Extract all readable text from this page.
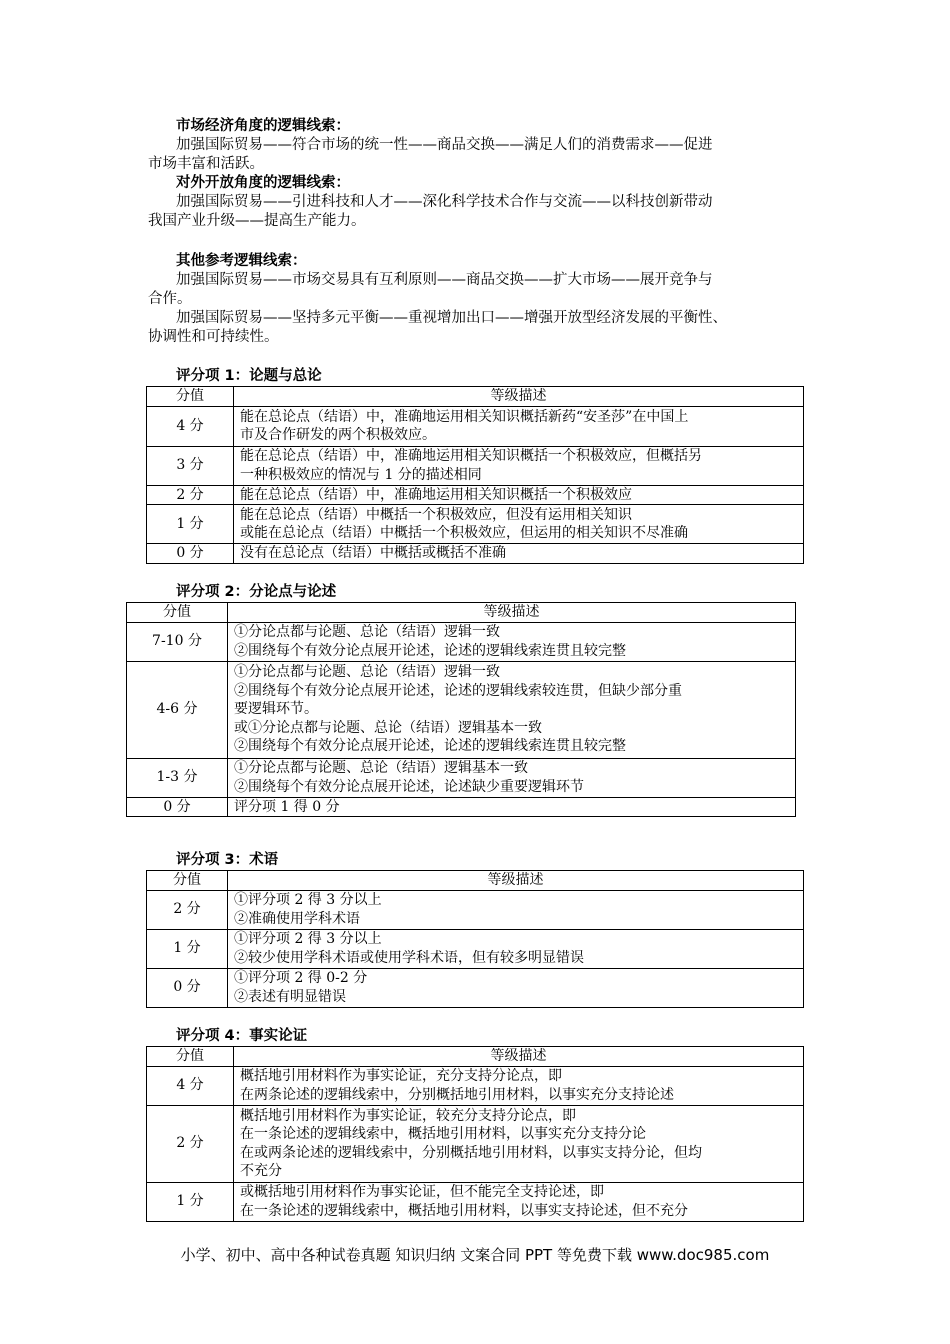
市场经济角度的逻辑线索：
加强国际贸易——符合市场的统一性——商品交换——满足人们的消费需求——促进
市场丰富和活跃。
对外开放角度的逻辑线索：
加强国际贸易——引进科技和人才——深化科学技术合作与交流——以科技创新带动
我国产业升级——提高生产能力。
其他参考逻辑线索：
加强国际贸易——市场交易具有互利原则——商品交换——扩大市场——展开竞争与
合作。
加强国际贸易——坚持多元平衡——重视增加出口——增强开放型经济发展的平衡性、
协调性和可持续性。
评分项 1：论题与总论
分值	等级描述
4 分	能在总论点（结语）中，准确地运用相关知识概括新药“安圣莎”在中国上
市及合作研发的两个积极效应。

3 分	能在总论点（结语）中，准确地运用相关知识概括一个积极效应，但概括另
一种积极效应的情况与 1 分的描述相同

2 分	能在总论点（结语）中，准确地运用相关知识概括一个积极效应

1 分	能在总论点（结语）中概括一个积极效应，但没有运用相关知识
或能在总论点（结语）中概括一个积极效应，但运用的相关知识不尽准确

0 分	没有在总论点（结语）中概括或概括不准确
评分项 2：分论点与论述
分值	等级描述
7-10 分	①分论点都与论题、总论（结语）逻辑一致
②围绕每个有效分论点展开论述，论述的逻辑线索连贯且较完整

4-6 分	①分论点都与论题、总论（结语）逻辑一致
②围绕每个有效分论点展开论述，论述的逻辑线索较连贯，但缺少部分重
要逻辑环节。
或①分论点都与论题、总论（结语）逻辑基本一致
②围绕每个有效分论点展开论述，论述的逻辑线索连贯且较完整

1-3 分	①分论点都与论题、总论（结语）逻辑基本一致
②围绕每个有效分论点展开论述，论述缺少重要逻辑环节

0 分	评分项 1 得 0 分
评分项 3：术语
分值	等级描述
2 分	①评分项 2 得 3 分以上
②准确使用学科术语

1 分	①评分项 2 得 3 分以上
②较少使用学科术语或使用学科术语，但有较多明显错误

0 分	①评分项 2 得 0-2 分
②表述有明显错误
评分项 4：事实论证
分值	等级描述
4 分	概括地引用材料作为事实论证，充分支持分论点，即
在两条论述的逻辑线索中，分别概括地引用材料，以事实充分支持论述

2 分	概括地引用材料作为事实论证，较充分支持分论点，即
在一条论述的逻辑线索中，概括地引用材料，以事实充分支持分论
在或两条论述的逻辑线索中，分别概括地引用材料，以事实支持分论，但均
不充分

1 分	或概括地引用材料作为事实论证，但不能完全支持论述，即
在一条论述的逻辑线索中，概括地引用材料，以事实支持论述，但不充分
小学、初中、高中各种试卷真题 知识归纳 文案合同 PPT 等免费下载 www.doc985.com
